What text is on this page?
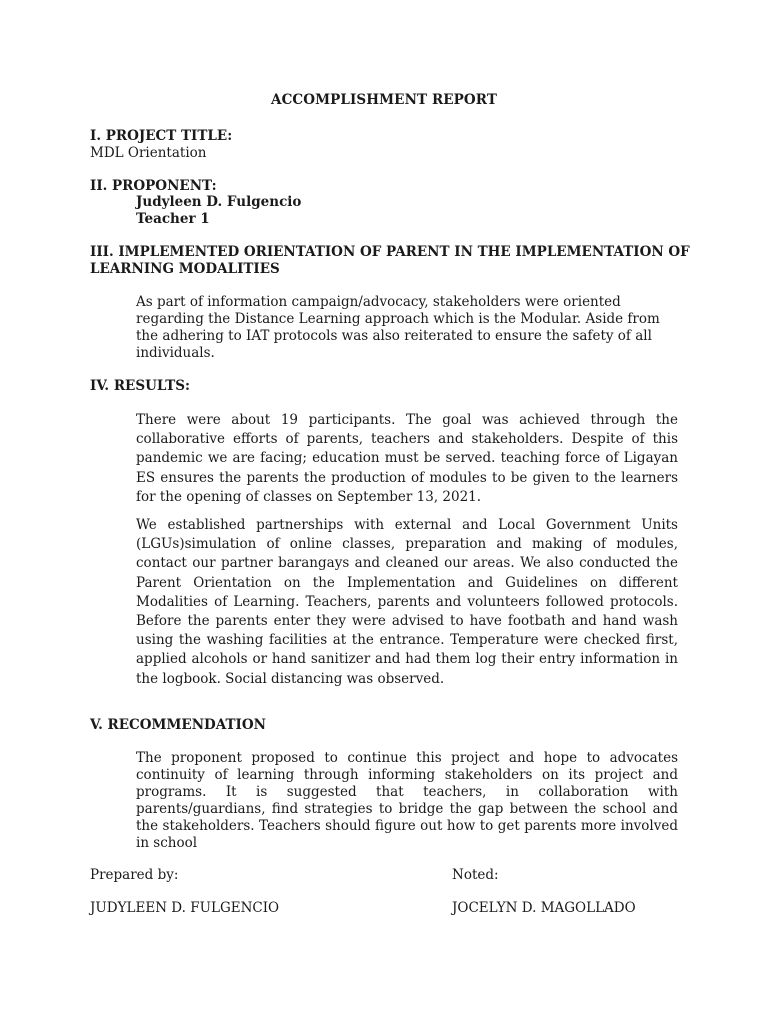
ACCOMPLISHMENT REPORT
I. PROJECT TITLE:
MDL Orientation
II. PROPONENT:
Judyleen D. Fulgencio
Teacher 1
III. IMPLEMENTED ORIENTATION OF PARENT IN THE IMPLEMENTATION OF
LEARNING MODALITIES
As part of information campaign/advocacy, stakeholders were oriented regarding the Distance Learning approach which is the Modular. Aside from the adhering to IAT protocols was also reiterated to ensure the safety of all individuals.
IV. RESULTS:
There were about 19 participants. The goal was achieved through the collaborative efforts of parents, teachers and stakeholders. Despite of this pandemic we are facing; education must be served. teaching force of Ligayan ES ensures the parents the production of modules to be given to the learners for the opening of classes on September 13, 2021.
We established partnerships with external and Local Government Units (LGUs)simulation of online classes, preparation and making of modules, contact our partner barangays and cleaned our areas. We also conducted the Parent Orientation on the Implementation and Guidelines on different Modalities of Learning. Teachers, parents and volunteers followed protocols. Before the parents enter they were advised to have footbath and hand wash using the washing facilities at the entrance. Temperature were checked first, applied alcohols or hand sanitizer and had them log their entry information in the logbook. Social distancing was observed.
V. RECOMMENDATION
The proponent proposed to continue this project and hope to advocates continuity of learning through informing stakeholders on its project and programs. It is suggested that teachers, in collaboration with parents/guardians, find strategies to bridge the gap between the school and the stakeholders. Teachers should figure out how to get parents more involved in school
Prepared by:	Noted:
JUDYLEEN D. FULGENCIO	JOCELYN D. MAGOLLADO
